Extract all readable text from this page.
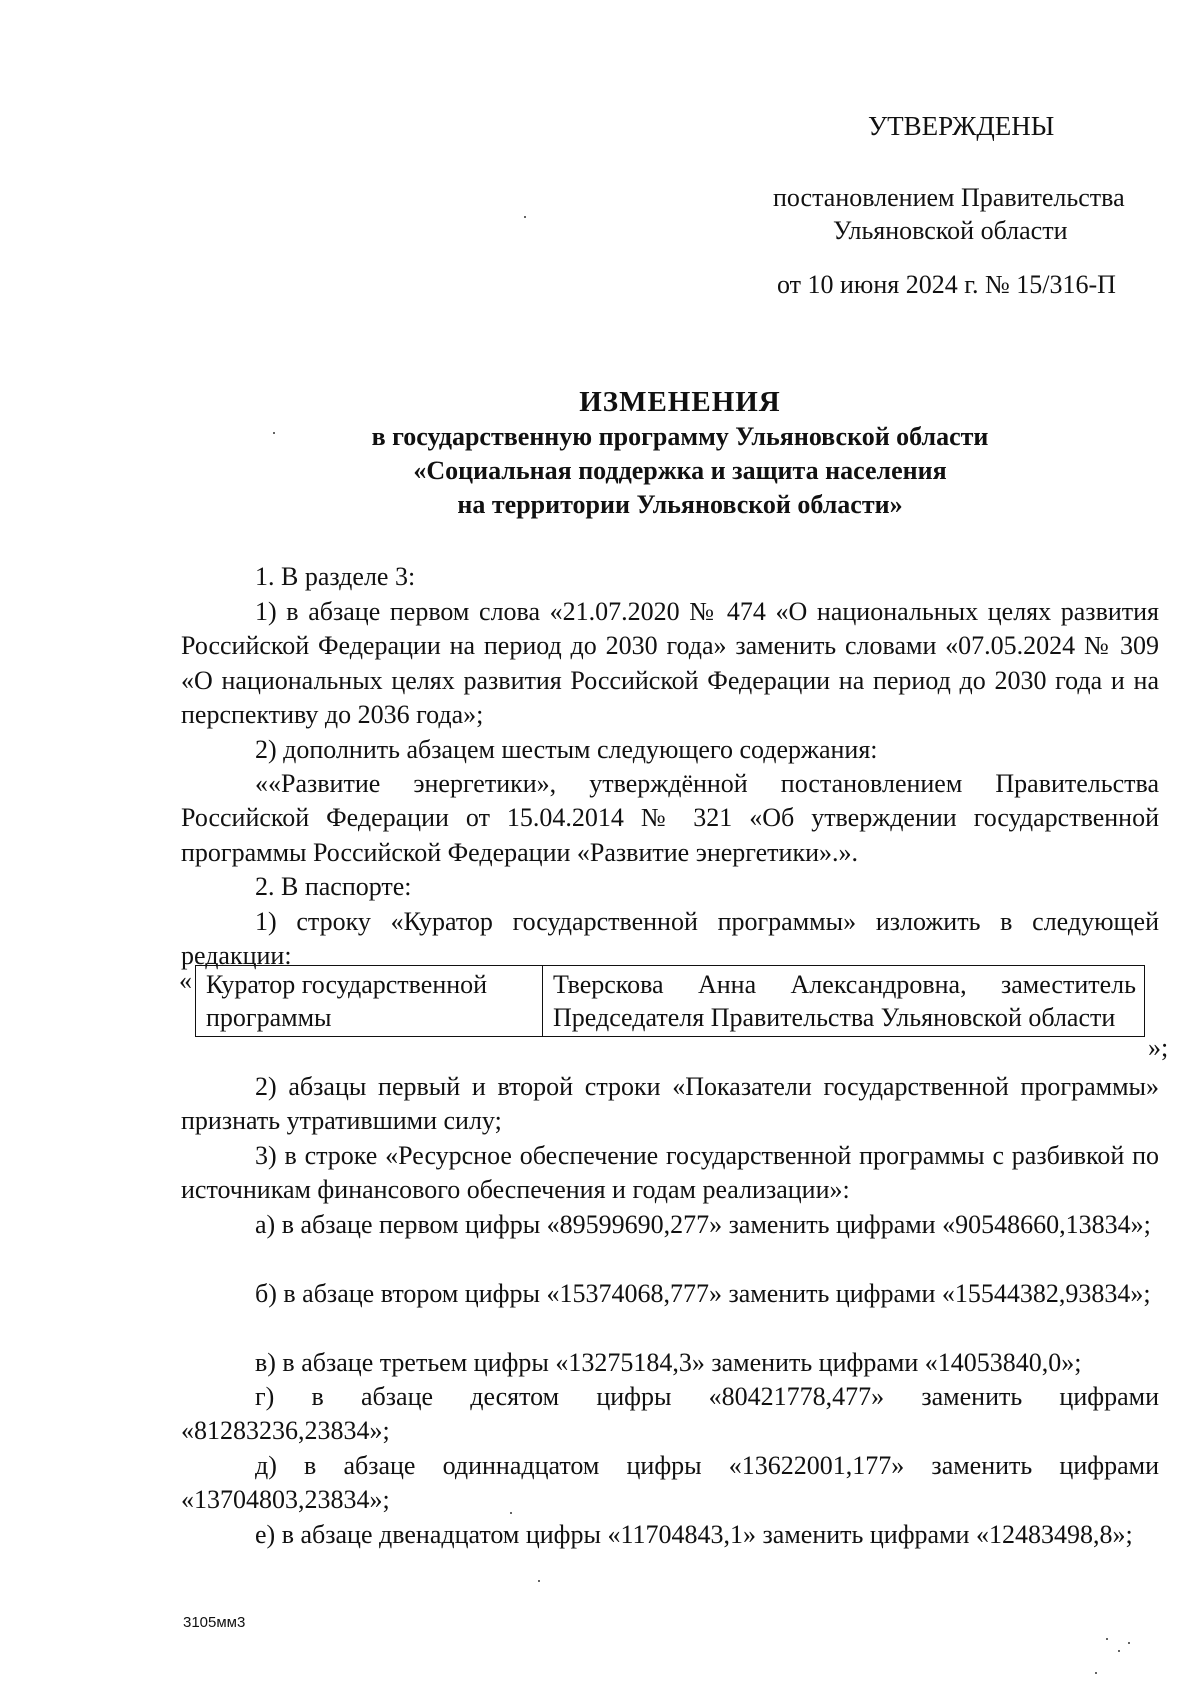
УТВЕРЖДЕНЫ
постановлением Правительства
Ульяновской области
от 10 июня 2024 г. № 15/316-П
ИЗМЕНЕНИЯ
в государственную программу Ульяновской области
«Социальная поддержка и защита населения
на территории Ульяновской области»
1. В разделе 3:
1) в абзаце первом слова «21.07.2020 № 474 «О национальных целях развития Российской Федерации на период до 2030 года» заменить словами «07.05.2024 № 309 «О национальных целях развития Российской Федерации на период до 2030 года и на перспективу до 2036 года»;
2) дополнить абзацем шестым следующего содержания:
««Развитие энергетики», утверждённой постановлением Правительства Российской Федерации от 15.04.2014 № 321 «Об утверждении государственной программы Российской Федерации «Развитие энергетики».».
2. В паспорте:
1) строку «Куратор государственной программы» изложить в следующей редакции:
« Куратор государственной программы	Тверскова Анна Александровна, заместитель Председателя Правительства Ульяновской области
»;
2) абзацы первый и второй строки «Показатели государственной программы» признать утратившими силу;
3) в строке «Ресурсное обеспечение государственной программы с разбивкой по источникам финансового обеспечения и годам реализации»:
а) в абзаце первом цифры «89599690,277» заменить цифрами «90548660,13834»;
б) в абзаце втором цифры «15374068,777» заменить цифрами «15544382,93834»;
в) в абзаце третьем цифры «13275184,3» заменить цифрами «14053840,0»;
г) в абзаце десятом цифры «80421778,477» заменить цифрами «81283236,23834»;
д) в абзаце одиннадцатом цифры «13622001,177» заменить цифрами «13704803,23834»;
е) в абзаце двенадцатом цифры «11704843,1» заменить цифрами «12483498,8»;
3105мм3
